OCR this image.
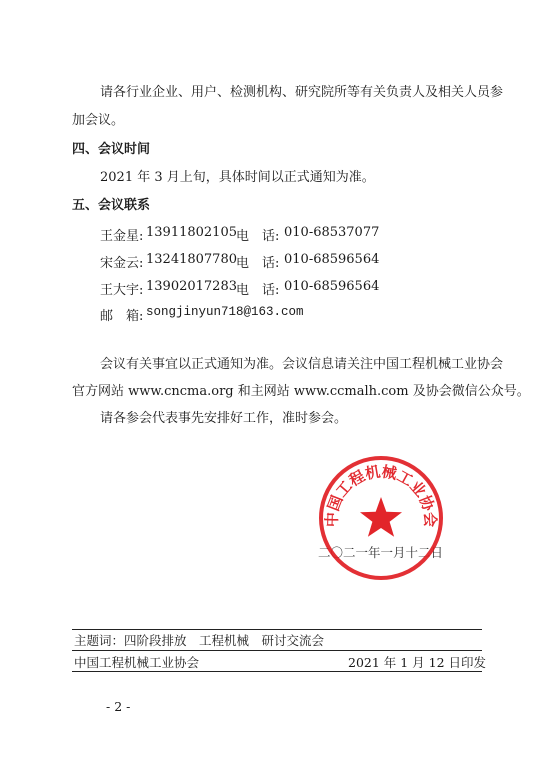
请各行业企业、用户、检测机构、研究院所等有关负责人及相关人员参
加会议。
四、会议时间
2021 年 3 月上旬，具体时间以正式通知为准。
五、会议联系
王金星: 13911802105 电　话: 010-68537077
宋金云: 13241807780 电　话: 010-68596564
王大宇: 13902017283 电　话: 010-68596564
邮　箱: songjinyun718@163.com
会议有关事宜以正式通知为准。会议信息请关注中国工程机械工业协会
官方网站 www.cncma.org 和主网站 www.ccmalh.com 及协会微信公众号。
请各参会代表事先安排好工作，准时参会。
二〇二一年一月十二日
中国工程机械工业协会
主题词：四阶段排放　工程机械　研讨交流会
中国工程机械工业协会	2021 年 1 月 12 日印发
- 2 -
